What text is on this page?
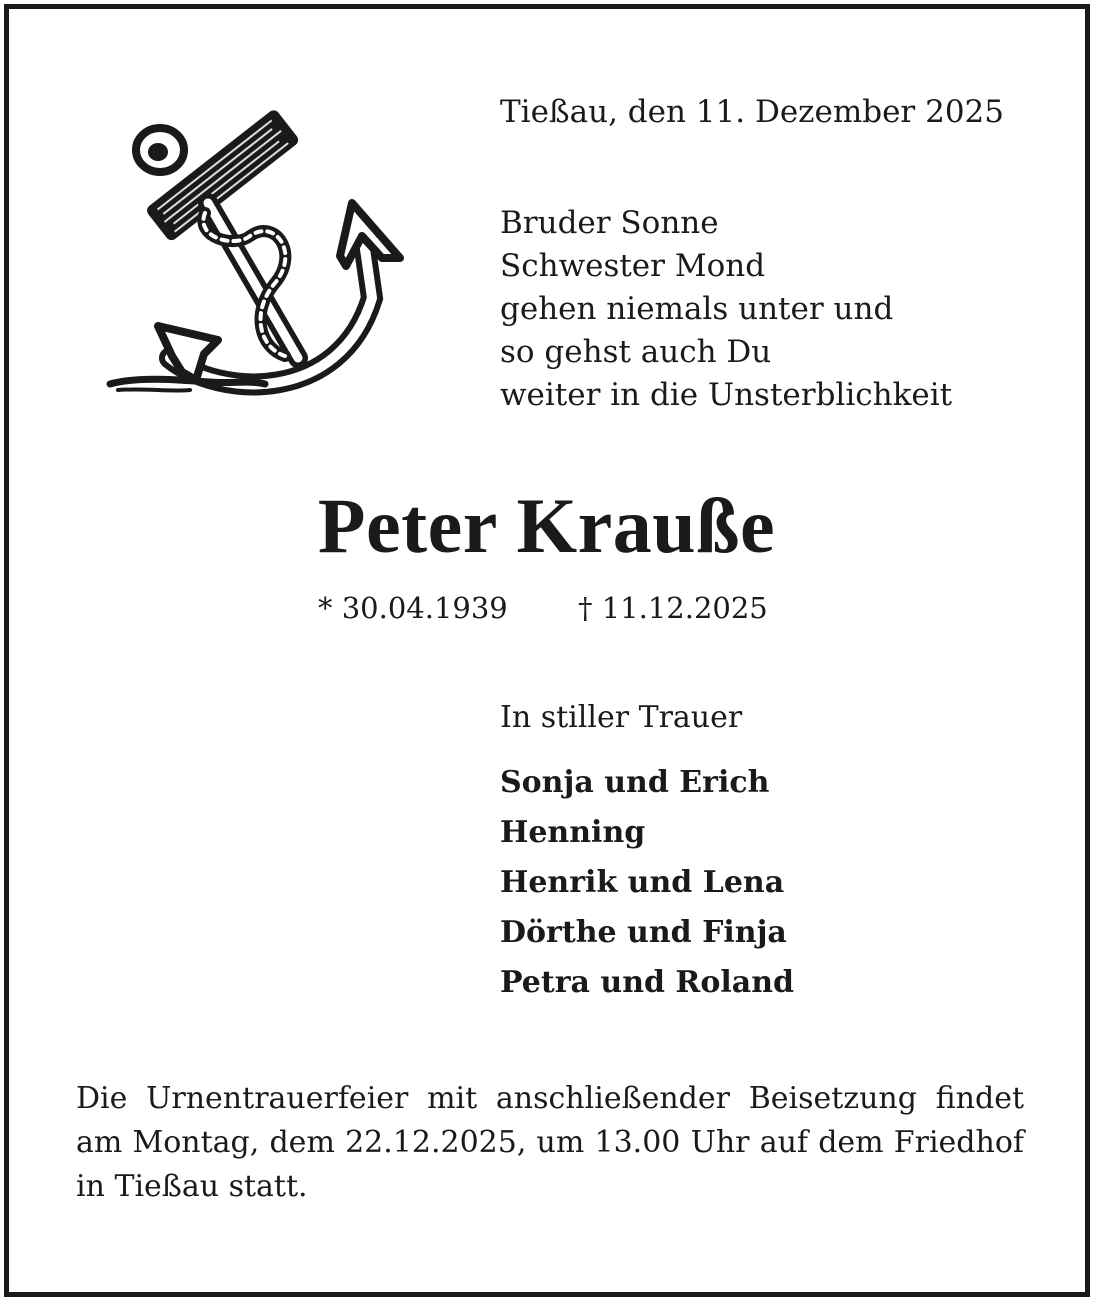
Tießau, den 11. Dezember 2025
Bruder Sonne
Schwester Mond
gehen niemals unter und
so gehst auch Du
weiter in die Unsterblichkeit
Peter Krauße
* 30.04.1939 † 11.12.2025
In stiller Trauer
Sonja und Erich
Henning
Henrik und Lena
Dörthe und Finja
Petra und Roland
Die Urnentrauerfeier mit anschließender Beisetzung findet am Montag, dem 22.12.2025, um 13.00 Uhr auf dem Friedhof in Tießau statt.
